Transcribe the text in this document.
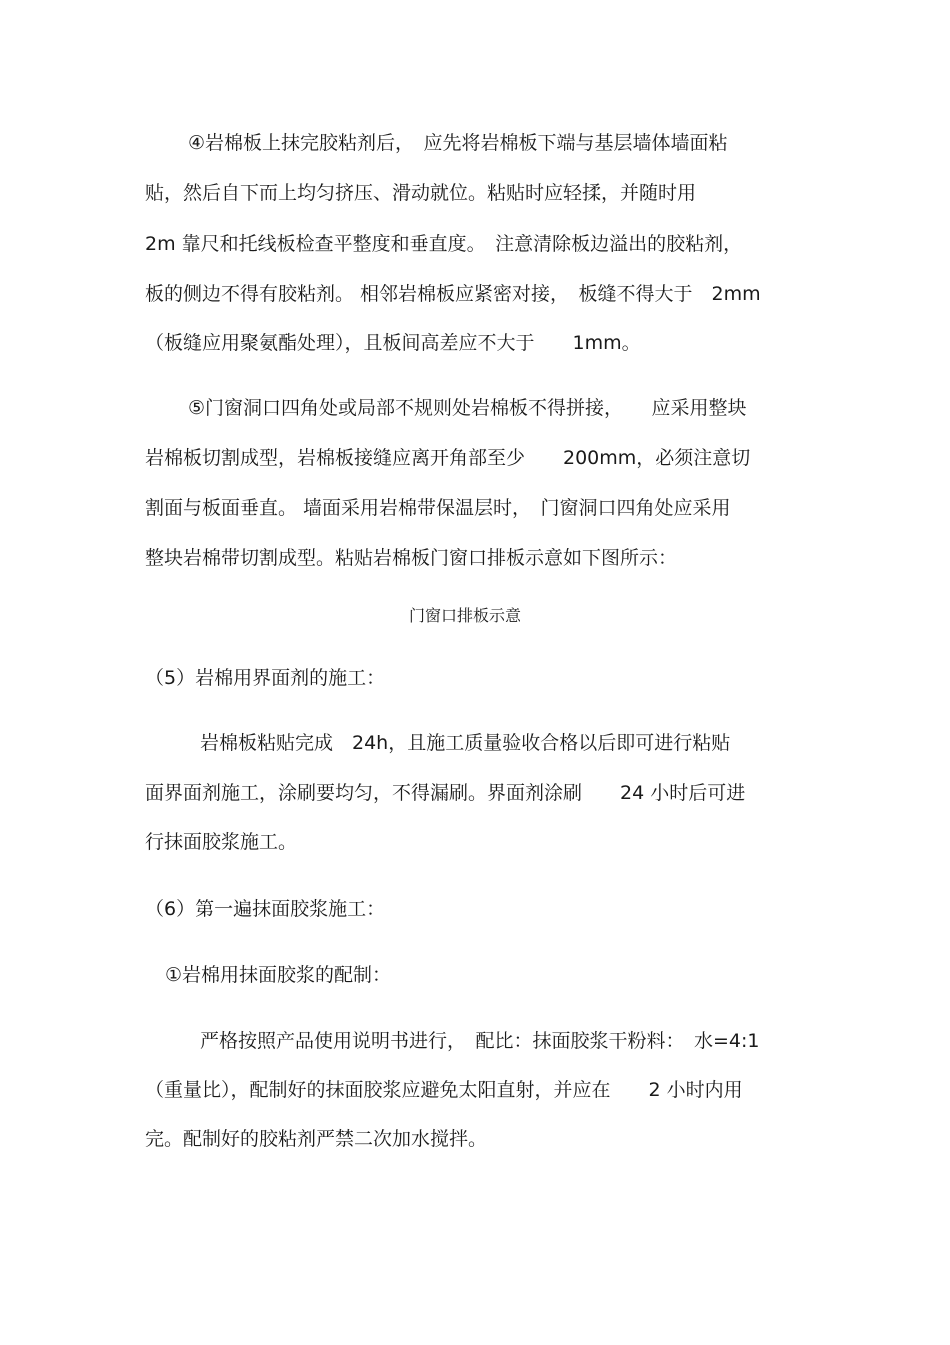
④岩棉板上抹完胶粘剂后，　应先将岩棉板下端与基层墙体墙面粘
贴，然后自下而上均匀挤压、滑动就位。粘贴时应轻揉，并随时用
2m 靠尺和托线板检查平整度和垂直度。　注意清除板边溢出的胶粘剂，
板的侧边不得有胶粘剂。 相邻岩棉板应紧密对接，　板缝不得大于　2mm
（板缝应用聚氨酯处理），且板间高差应不大于　　1mm。
⑤门窗洞口四角处或局部不规则处岩棉板不得拼接，　　应采用整块
岩棉板切割成型，岩棉板接缝应离开角部至少　　200mm，必须注意切
割面与板面垂直。 墙面采用岩棉带保温层时，　门窗洞口四角处应采用
整块岩棉带切割成型。粘贴岩棉板门窗口排板示意如下图所示：
门窗口排板示意
（5）岩棉用界面剂的施工：
岩棉板粘贴完成　24h，且施工质量验收合格以后即可进行粘贴
面界面剂施工，涂刷要均匀，不得漏刷。界面剂涂刷　　24 小时后可进
行抹面胶浆施工。
（6）第一遍抹面胶浆施工：
①岩棉用抹面胶浆的配制：
严格按照产品使用说明书进行，　配比：抹面胶浆干粉料：　水=4:1
（重量比），配制好的抹面胶浆应避免太阳直射，并应在　　2 小时内用
完。配制好的胶粘剂严禁二次加水搅拌。
